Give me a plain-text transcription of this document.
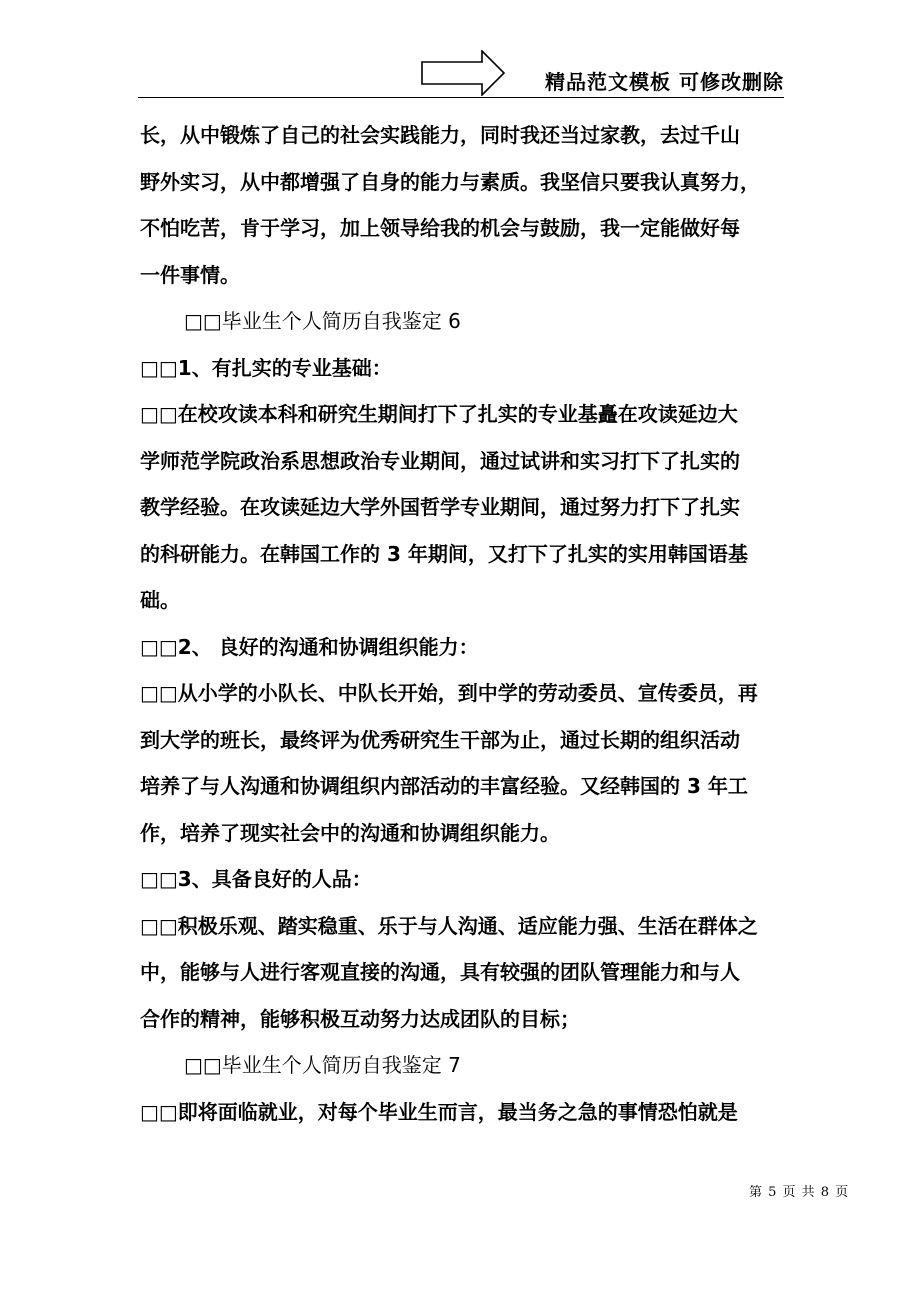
精品范文模板 可修改删除
长，从中锻炼了自己的社会实践能力，同时我还当过家教，去过千山
野外实习，从中都增强了自身的能力与素质。我坚信只要我认真努力，
不怕吃苦，肯于学习，加上领导给我的机会与鼓励，我一定能做好每
一件事情。
□□毕业生个人简历自我鉴定 6
□□1、有扎实的专业基础：
□□在校攻读本科和研究生期间打下了扎实的专业基矗在攻读延边大
学师范学院政治系思想政治专业期间，通过试讲和实习打下了扎实的
教学经验。在攻读延边大学外国哲学专业期间，通过努力打下了扎实
的科研能力。在韩国工作的 3 年期间，又打下了扎实的实用韩国语基
础。
□□2、 良好的沟通和协调组织能力：
□□从小学的小队长、中队长开始，到中学的劳动委员、宣传委员，再
到大学的班长，最终评为优秀研究生干部为止，通过长期的组织活动
培养了与人沟通和协调组织内部活动的丰富经验。又经韩国的 3 年工
作，培养了现实社会中的沟通和协调组织能力。
□□3、具备良好的人品：
□□积极乐观、踏实稳重、乐于与人沟通、适应能力强、生活在群体之
中，能够与人进行客观直接的沟通，具有较强的团队管理能力和与人
合作的精神，能够积极互动努力达成团队的目标；
□□毕业生个人简历自我鉴定 7
□□即将面临就业，对每个毕业生而言，最当务之急的事情恐怕就是
第 5 页 共 8 页
